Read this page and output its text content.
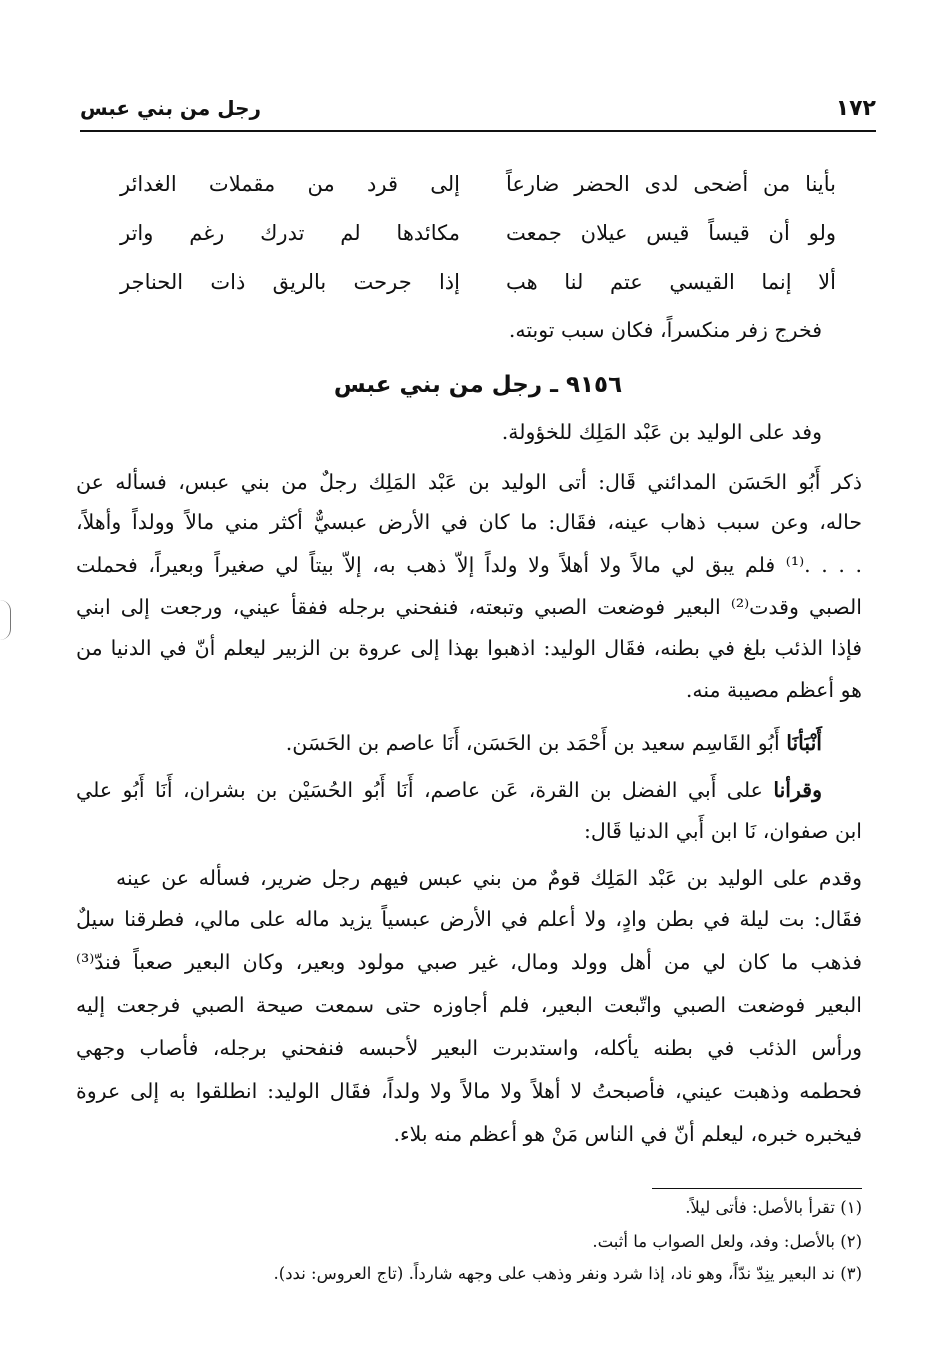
١٧٢
رجل من بني عبس
بأينا من أضحى لدى الحضر ضارعاً
إلى قرد من مقملات الغدائر
ولو أن قيساً قيس عيلان جمعت
مكائدها لم تدرك رغم واتر
ألا إنما القيسي عتم لنا هب
إذا جرحت بالريق ذات الحناجر
فخرج زفر منكسراً، فكان سبب توبته.
٩١٥٦ ـ رجل من بني عبس
وفد على الوليد بن عَبْد المَلِك للخؤولة.
ذكر أَبُو الحَسَن المدائني قَال: أتى الوليد بن عَبْد المَلِك رجلٌ من بني عبس، فسأله عن
حاله، وعن سبب ذهاب عينه، فقَال: ما كان في الأرض عبسيٌّ أكثر مني مالاً وولداً وأهلاً،
. . . .⁽¹⁾ فلم يبق لي مالاً ولا أهلاً ولا ولداً إلاّ ذهب به، إلاّ بيتاً لي صغيراً وبعيراً، فحملت
الصبي وقدت⁽²⁾ البعير فوضعت الصبي وتبعته، فنفحني برجله ففقأ عيني، ورجعت إلى ابني
فإذا الذئب بلغ في بطنه، فقَال الوليد: اذهبوا بهذا إلى عروة بن الزبير ليعلم أنّ في الدنيا من
هو أعظم مصيبة منه.
أَنْبَأنَا أَبُو القَاسِم سعيد بن أَحْمَد بن الحَسَن، أَنَا عاصم بن الحَسَن.
وقرأنا على أَبي الفضل بن القرة، عَن عاصم، أَنَا أَبُو الحُسَيْن بن بشران، أَنَا أَبُو علي
ابن صفوان، نَا ابن أَبي الدنيا قَال:
وقدم على الوليد بن عَبْد المَلِك قومٌ من بني عبس فيهم رجل ضرير، فسأله عن عينه
فقَال: بت ليلة في بطن وادٍ، ولا أعلم في الأرض عبسياً يزيد ماله على مالي، فطرقنا سيلٌ
فذهب ما كان لي من أهل وولد ومال، غير صبي مولود وبعير، وكان البعير صعباً فندّ⁽³⁾
البعير فوضعت الصبي واتّبعت البعير، فلم أجاوزه حتى سمعت صيحة الصبي فرجعت إليه
ورأس الذئب في بطنه يأكله، واستدبرت البعير لأحبسه فنفحني برجله، فأصاب وجهي
فحطمه وذهبت عيني، فأصبحتُ لا أهلاً ولا مالاً ولا ولداً، فقَال الوليد: انطلقوا به إلى عروة
فيخبره خبره، ليعلم أنّ في الناس مَنْ هو أعظم منه بلاء.
(١) تقرأ بالأصل: فأتى ليلاً.
(٢) بالأصل: وفد، ولعل الصواب ما أثبت.
(٣) ند البعير ينِدّ ندّاً، وهو ناد، إذا شرد ونفر وذهب على وجهه شارداً. (تاج العروس: ندد).
